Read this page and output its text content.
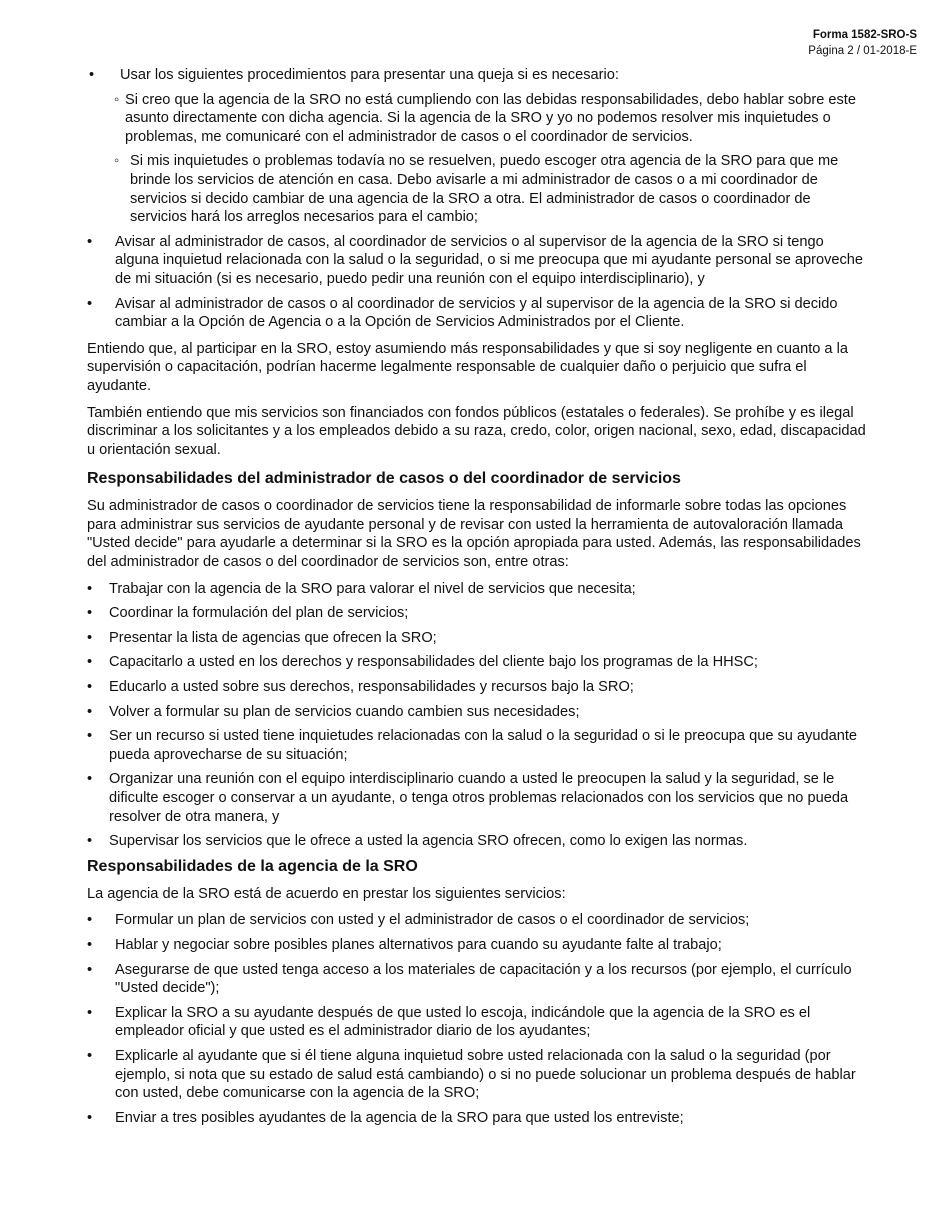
Forma 1582-SRO-S
Página 2 / 01-2018-E
• Usar los siguientes procedimientos para presentar una queja si es necesario:
◦ Si creo que la agencia de la SRO no está cumpliendo con las debidas responsabilidades, debo hablar sobre este asunto directamente con dicha agencia. Si la agencia de la SRO y yo no podemos resolver mis inquietudes o problemas, me comunicaré con el administrador de casos o el coordinador de servicios.
◦ Si mis inquietudes o problemas todavía no se resuelven, puedo escoger otra agencia de la SRO para que me brinde los servicios de atención en casa. Debo avisarle a mi administrador de casos o a mi coordinador de servicios si decido cambiar de una agencia de la SRO a otra. El administrador de casos o coordinador de servicios hará los arreglos necesarios para el cambio;
• Avisar al administrador de casos, al coordinador de servicios o al supervisor de la agencia de la SRO si tengo alguna inquietud relacionada con la salud o la seguridad, o si me preocupa que mi ayudante personal se aproveche de mi situación (si es necesario, puedo pedir una reunión con el equipo interdisciplinario), y
• Avisar al administrador de casos o al coordinador de servicios y al supervisor de la agencia de la SRO si decido cambiar a la Opción de Agencia o a la Opción de Servicios Administrados por el Cliente.

Entiendo que, al participar en la SRO, estoy asumiendo más responsabilidades y que si soy negligente en cuanto a la supervisión o capacitación, podrían hacerme legalmente responsable de cualquier daño o perjuicio que sufra el ayudante.

También entiendo que mis servicios son financiados con fondos públicos (estatales o federales). Se prohíbe y es ilegal discriminar a los solicitantes y a los empleados debido a su raza, credo, color, origen nacional, sexo, edad, discapacidad u orientación sexual.

Responsabilidades del administrador de casos o del coordinador de servicios

Su administrador de casos o coordinador de servicios tiene la responsabilidad de informarle sobre todas las opciones para administrar sus servicios de ayudante personal y de revisar con usted la herramienta de autovaloración llamada "Usted decide" para ayudarle a determinar si la SRO es la opción apropiada para usted. Además, las responsabilidades del administrador de casos o del coordinador de servicios son, entre otras:

• Trabajar con la agencia de la SRO para valorar el nivel de servicios que necesita;
• Coordinar la formulación del plan de servicios;
• Presentar la lista de agencias que ofrecen la SRO;
• Capacitarlo a usted en los derechos y responsabilidades del cliente bajo los programas de la HHSC;
• Educarlo a usted sobre sus derechos, responsabilidades y recursos bajo la SRO;
• Volver a formular su plan de servicios cuando cambien sus necesidades;
• Ser un recurso si usted tiene inquietudes relacionadas con la salud o la seguridad o si le preocupa que su ayudante pueda aprovecharse de su situación;
• Organizar una reunión con el equipo interdisciplinario cuando a usted le preocupen la salud y la seguridad, se le dificulte escoger o conservar a un ayudante, o tenga otros problemas relacionados con los servicios que no pueda resolver de otra manera, y
• Supervisar los servicios que le ofrece a usted la agencia SRO ofrecen, como lo exigen las normas.
Responsabilidades de la agencia de la SRO

La agencia de la SRO está de acuerdo en prestar los siguientes servicios:

• Formular un plan de servicios con usted y el administrador de casos o el coordinador de servicios;
• Hablar y negociar sobre posibles planes alternativos para cuando su ayudante falte al trabajo;
• Asegurarse de que usted tenga acceso a los materiales de capacitación y a los recursos (por ejemplo, el currículo "Usted decide");
• Explicar la SRO a su ayudante después de que usted lo escoja, indicándole que la agencia de la SRO es el empleador oficial y que usted es el administrador diario de los ayudantes;
• Explicarle al ayudante que si él tiene alguna inquietud sobre usted relacionada con la salud o la seguridad (por ejemplo, si nota que su estado de salud está cambiando) o si no puede solucionar un problema después de hablar con usted, debe comunicarse con la agencia de la SRO;
• Enviar a tres posibles ayudantes de la agencia de la SRO para que usted los entreviste;
